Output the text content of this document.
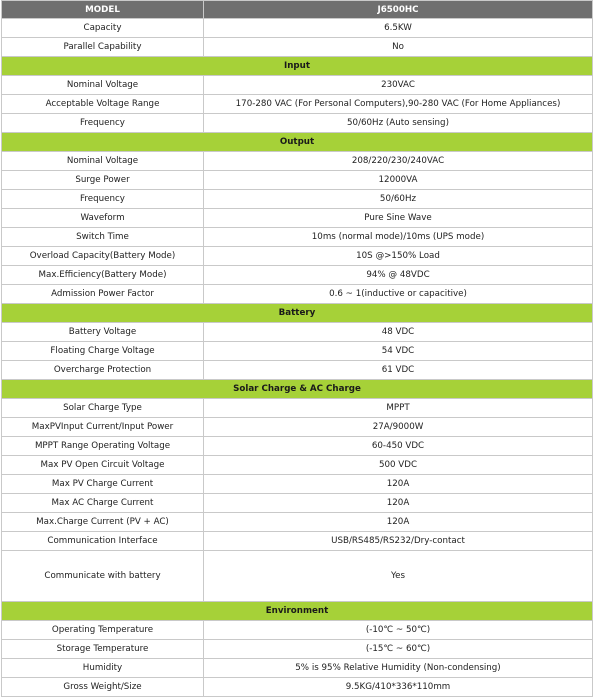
MODEL	J6500HC
Capacity	6.5KW
Parallel Capability	No
Input	
Nominal Voltage	230VAC
Acceptable Voltage Range	170-280 VAC (For Personal Computers),90-280 VAC (For Home Appliances)
Frequency	50/60Hz (Auto sensing)
Output	
Nominal Voltage	208/220/230/240VAC
Surge Power	12000VA
Frequency	50/60Hz
Waveform	Pure Sine Wave
Switch Time	10ms (normal mode)/10ms (UPS mode)
Overload Capacity(Battery Mode)	10S @>150% Load
Max.Efficiency(Battery Mode)	94% @ 48VDC
Admission Power Factor	0.6 ~ 1(inductive or capacitive)
Battery	
Battery Voltage	48 VDC
Floating Charge Voltage	54 VDC
Overcharge Protection	61 VDC
Solar Charge & AC Charge	
Solar Charge Type	MPPT
MaxPVInput Current/Input Power	27A/9000W
MPPT Range Operating Voltage	60-450 VDC
Max PV Open Circuit Voltage	500 VDC
Max PV Charge Current	120A
Max AC Charge Current	120A
Max.Charge Current (PV + AC)	120A
Communication Interface	USB/RS485/RS232/Dry-contact
Communicate with battery	Yes
Environment	
Operating Temperature	(-10℃ ~ 50℃)
Storage Temperature	(-15℃ ~ 60℃)
Humidity	5% is 95% Relative Humidity (Non-condensing)
Gross Weight/Size	9.5KG/410*336*110mm
